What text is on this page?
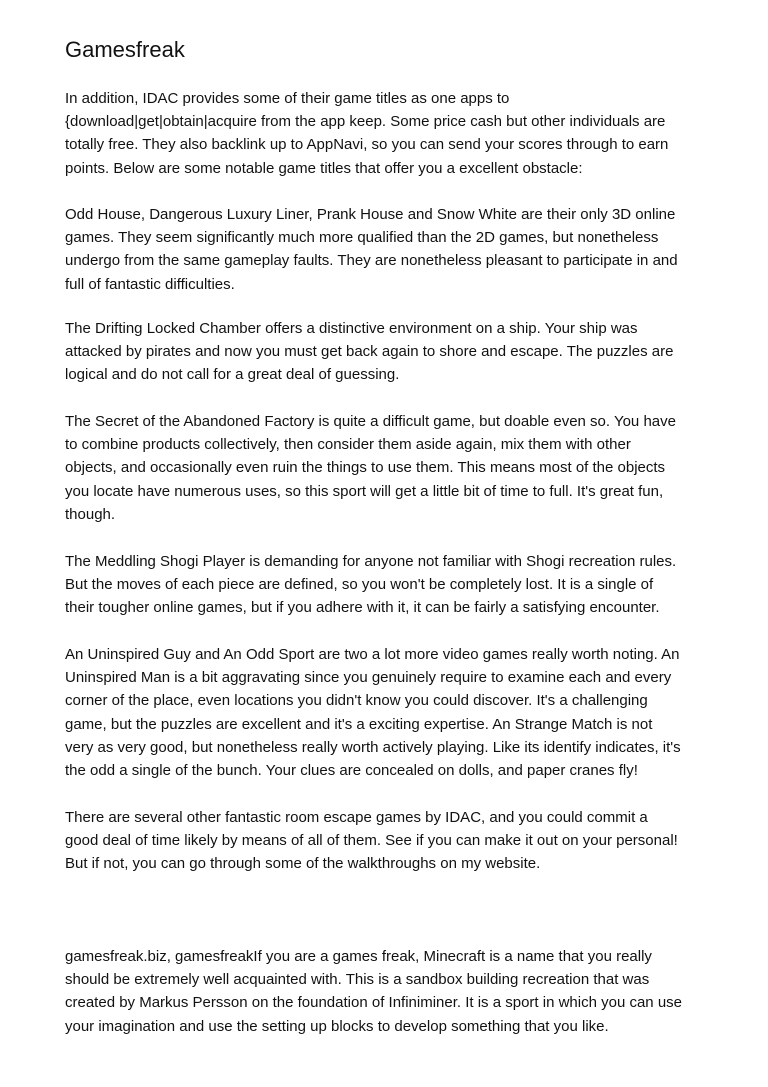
Gamesfreak

In addition, IDAC provides some of their game titles as one apps to
{download|get|obtain|acquire from the app keep. Some price cash but other individuals are
totally free. They also backlink up to AppNavi, so you can send your scores through to earn
points. Below are some notable game titles that offer you a excellent obstacle:

Odd House, Dangerous Luxury Liner, Prank House and Snow White are their only 3D online
games. They seem significantly much more qualified than the 2D games, but nonetheless
undergo from the same gameplay faults. They are nonetheless pleasant to participate in and
full of fantastic difficulties.

The Drifting Locked Chamber offers a distinctive environment on a ship. Your ship was
attacked by pirates and now you must get back again to shore and escape. The puzzles are
logical and do not call for a great deal of guessing.

The Secret of the Abandoned Factory is quite a difficult game, but doable even so. You have
to combine products collectively, then consider them aside again, mix them with other
objects, and occasionally even ruin the things to use them. This means most of the objects
you locate have numerous uses, so this sport will get a little bit of time to full. It's great fun,
though.

The Meddling Shogi Player is demanding for anyone not familiar with Shogi recreation rules.
But the moves of each piece are defined, so you won't be completely lost. It is a single of
their tougher online games, but if you adhere with it, it can be fairly a satisfying encounter.

An Uninspired Guy and An Odd Sport are two a lot more video games really worth noting. An
Uninspired Man is a bit aggravating since you genuinely require to examine each and every
corner of the place, even locations you didn't know you could discover. It's a challenging
game, but the puzzles are excellent and it's a exciting expertise. An Strange Match is not
very as very good, but nonetheless really worth actively playing. Like its identify indicates, it's
the odd a single of the bunch. Your clues are concealed on dolls, and paper cranes fly!

There are several other fantastic room escape games by IDAC, and you could commit a
good deal of time likely by means of all of them. See if you can make it out on your personal!
But if not, you can go through some of the walkthroughs on my website.

gamesfreak.biz, gamesfreakIf you are a games freak, Minecraft is a name that you really
should be extremely well acquainted with. This is a sandbox building recreation that was
created by Markus Persson on the foundation of Infiniminer. It is a sport in which you can use
your imagination and use the setting up blocks to develop something that you like.
